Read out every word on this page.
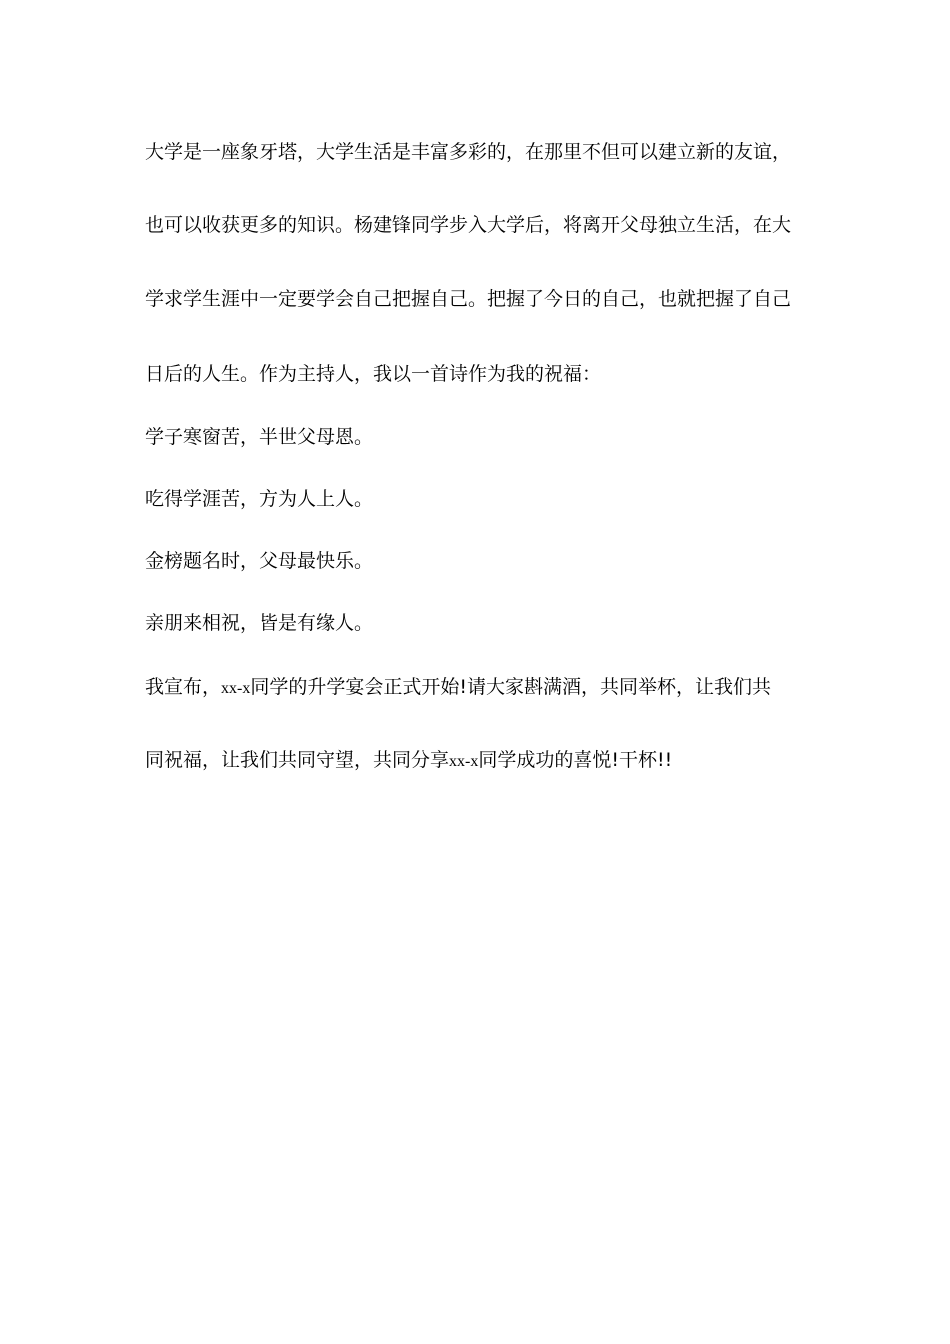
大学是一座象牙塔，大学生活是丰富多彩的，在那里不但可以建立新的友谊，
也可以收获更多的知识。杨建锋同学步入大学后，将离开父母独立生活，在大
学求学生涯中一定要学会自己把握自己。把握了今日的自己，也就把握了自己
日后的人生。作为主持人，我以一首诗作为我的祝福：
学子寒窗苦，半世父母恩。
吃得学涯苦，方为人上人。
金榜题名时，父母最快乐。
亲朋来相祝，皆是有缘人。
我宣布，xx-x同学的升学宴会正式开始!请大家斟满酒，共同举杯，让我们共
同祝福，让我们共同守望，共同分享xx-x同学成功的喜悦!干杯!!
